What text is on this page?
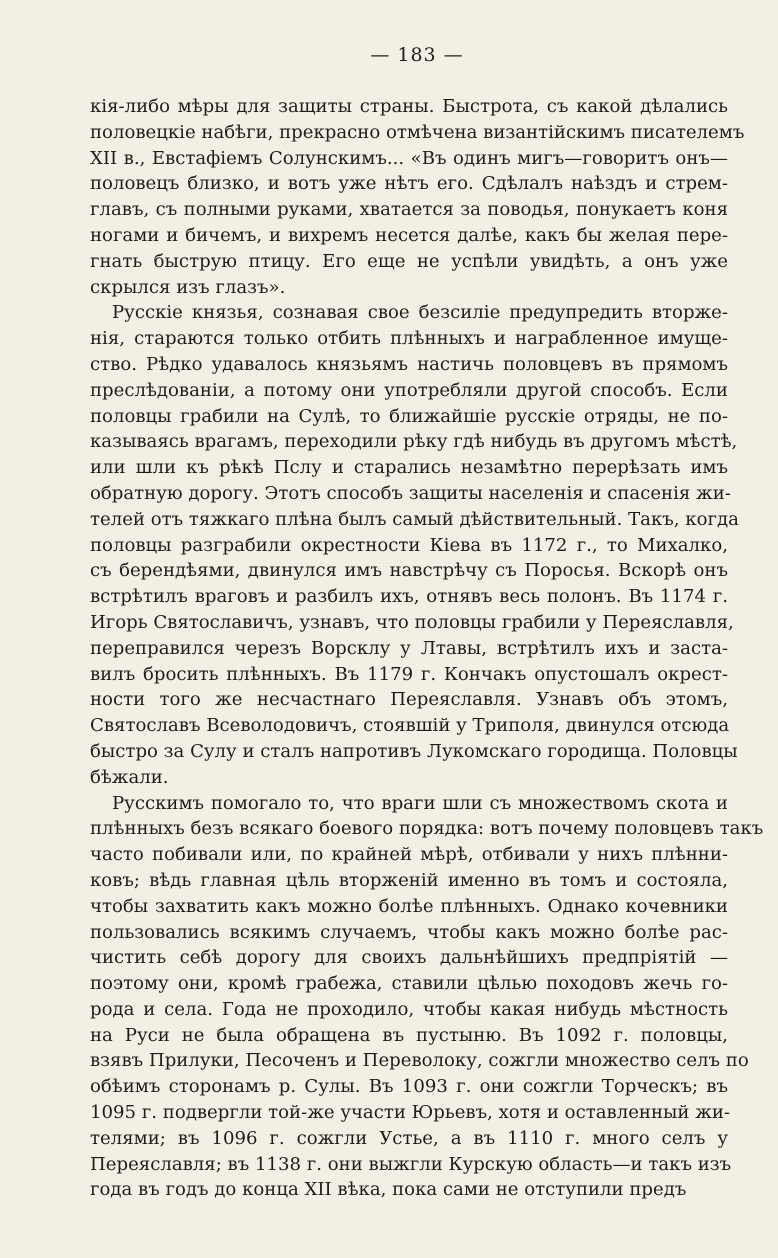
— 183 —
кія-либо мѣры для защиты страны. Быстрота, съ какой дѣлались
половецкіе набѣги, прекрасно отмѣчена византійскимъ писателемъ
XII в., Евстафіемъ Солунскимъ... «Въ одинъ мигъ—говоритъ онъ—
половецъ близко, и вотъ уже нѣтъ его. Сдѣлалъ наѣздъ и стрем-
главъ, съ полными руками, хватается за поводья, понукаетъ коня
ногами и бичемъ, и вихремъ несется далѣе, какъ бы желая пере-
гнать быструю птицу. Его еще не успѣли увидѣть, а онъ уже
скрылся изъ глазъ».
Русскіе князья, сознавая свое безсиліе предупредить вторже-
нія, стараются только отбить плѣнныхъ и награбленное имуще-
ство. Рѣдко удавалось князьямъ настичь половцевъ въ прямомъ
преслѣдованіи, а потому они употребляли другой способъ. Если
половцы грабили на Сулѣ, то ближайшіе русскіе отряды, не по-
казываясь врагамъ, переходили рѣку гдѣ нибудь въ другомъ мѣстѣ,
или шли къ рѣкѣ Пслу и старались незамѣтно перерѣзать имъ
обратную дорогу. Этотъ способъ защиты населенія и спасенія жи-
телей отъ тяжкаго плѣна былъ самый дѣйствительный. Такъ, когда
половцы разграбили окрестности Кіева въ 1172 г., то Михалко,
съ берендѣями, двинулся имъ навстрѣчу съ Поросья. Вскорѣ онъ
встрѣтилъ враговъ и разбилъ ихъ, отнявъ весь полонъ. Въ 1174 г.
Игорь Святославичъ, узнавъ, что половцы грабили у Переяславля,
переправился черезъ Ворсклу у Лтавы, встрѣтилъ ихъ и заста-
вилъ бросить плѣнныхъ. Въ 1179 г. Кончакъ опустошалъ окрест-
ности того же несчастнаго Переяславля. Узнавъ объ этомъ,
Святославъ Всеволодовичъ, стоявшій у Триполя, двинулся отсюда
быстро за Сулу и сталъ напротивъ Лукомскаго городища. Половцы
бѣжали.
Русскимъ помогало то, что враги шли съ множествомъ скота и
плѣнныхъ безъ всякаго боевого порядка: вотъ почему половцевъ такъ
часто побивали или, по крайней мѣрѣ, отбивали у нихъ плѣнни-
ковъ; вѣдь главная цѣль вторженій именно въ томъ и состояла,
чтобы захватить какъ можно болѣе плѣнныхъ. Однако кочевники
пользовались всякимъ случаемъ, чтобы какъ можно болѣе рас-
чистить себѣ дорогу для своихъ дальнѣйшихъ предпріятій —
поэтому они, кромѣ грабежа, ставили цѣлью походовъ жечь го-
рода и села. Года не проходило, чтобы какая нибудь мѣстность
на Руси не была обращена въ пустыню. Въ 1092 г. половцы,
взявъ Прилуки, Песоченъ и Переволоку, сожгли множество селъ по
обѣимъ сторонамъ р. Сулы. Въ 1093 г. они сожгли Торческъ; въ
1095 г. подвергли той-же участи Юрьевъ, хотя и оставленный жи-
телями; въ 1096 г. сожгли Устье, а въ 1110 г. много селъ у
Переяславля; въ 1138 г. они выжгли Курскую область—и такъ изъ
года въ годъ до конца XII вѣка, пока сами не отступили предъ
